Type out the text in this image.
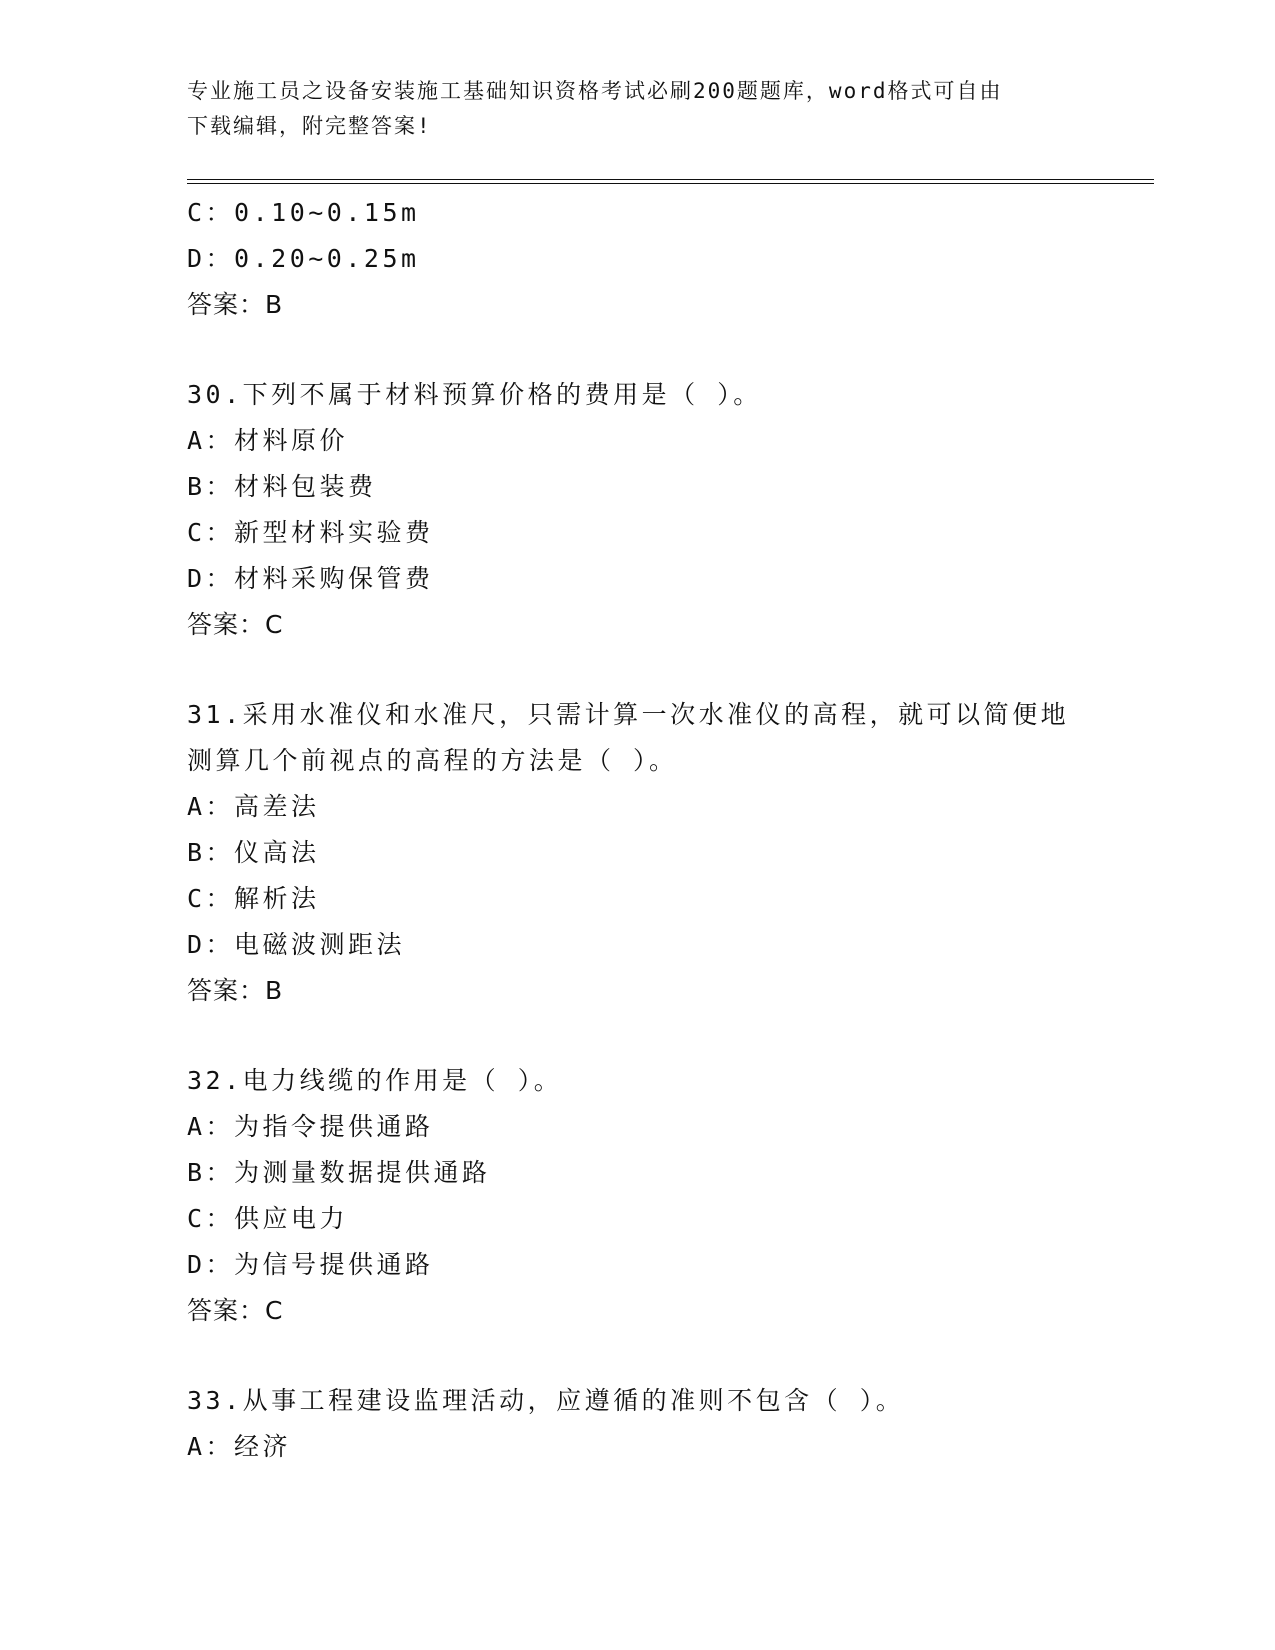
专业施工员之设备安装施工基础知识资格考试必刷200题题库，word格式可自由
下载编辑，附完整答案!
C：0.10~0.15m
D：0.20~0.25m
答案：B
30.下列不属于材料预算价格的费用是（ ）。
A：材料原价
B：材料包装费
C：新型材料实验费
D：材料采购保管费
答案：C
31.采用水准仪和水准尺，只需计算一次水准仪的高程，就可以简便地
测算几个前视点的高程的方法是（ ）。
A：高差法
B：仪高法
C：解析法
D：电磁波测距法
答案：B
32.电力线缆的作用是（ ）。
A：为指令提供通路
B：为测量数据提供通路
C：供应电力
D：为信号提供通路
答案：C
33.从事工程建设监理活动，应遵循的准则不包含（ ）。
A：经济
